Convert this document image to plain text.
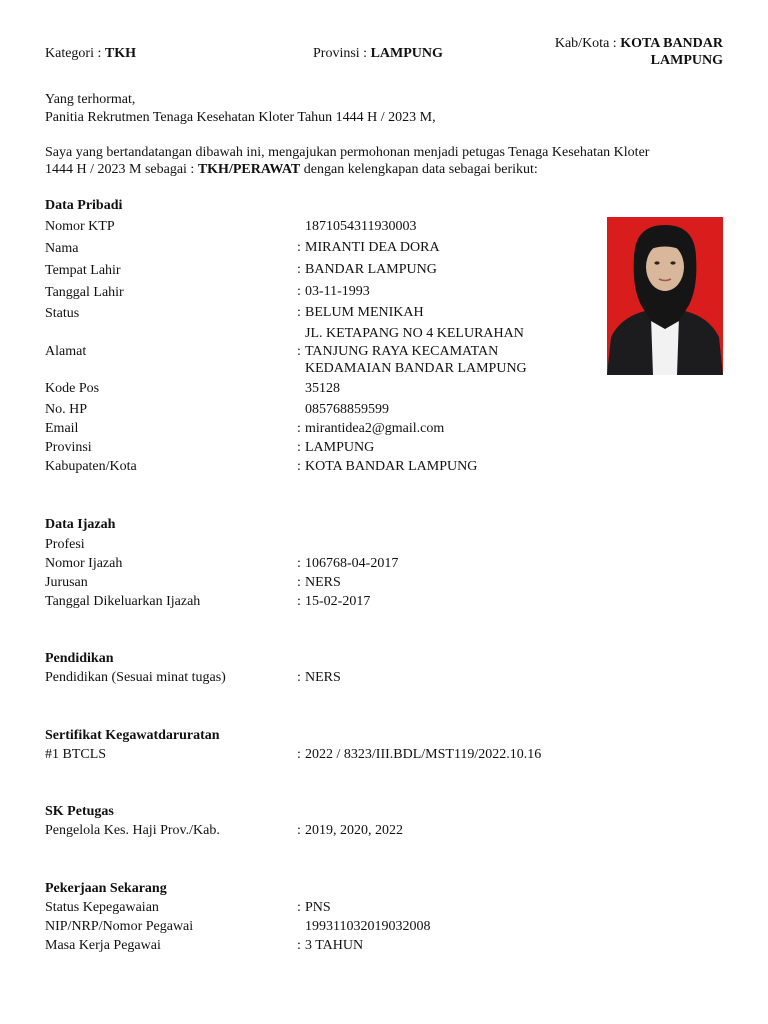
Kategori : TKH	Provinsi : LAMPUNG
Kab/Kota : KOTA BANDAR
LAMPUNG
Yang terhormat,
Panitia Rekrutmen Tenaga Kesehatan Kloter Tahun 1444 H / 2023 M,
Saya yang bertandatangan dibawah ini, mengajukan permohonan menjadi petugas Tenaga Kesehatan Kloter
1444 H / 2023 M sebagai : TKH/PERAWAT dengan kelengkapan data sebagai berikut:
Data Pribadi
Nomor KTP	1871054311930003
Nama	: MIRANTI DEA DORA
Tempat Lahir	: BANDAR LAMPUNG
Tanggal Lahir	: 03-11-1993
Status	: BELUM MENIKAH
JL. KETAPANG NO 4 KELURAHAN
Alamat	: TANJUNG RAYA KECAMATAN
KEDAMAIAN BANDAR LAMPUNG
Kode Pos	35128
No. HP	085768859599
Email	: mirantidea2@gmail.com
Provinsi	: LAMPUNG
Kabupaten/Kota	: KOTA BANDAR LAMPUNG
Data Ijazah
Profesi
Nomor Ijazah	: 106768-04-2017
Jurusan	: NERS
Tanggal Dikeluarkan Ijazah	: 15-02-2017
Pendidikan
Pendidikan (Sesuai minat tugas)	: NERS
Sertifikat Kegawatdaruratan
#1 BTCLS	: 2022 / 8323/III.BDL/MST119/2022.10.16
SK Petugas
Pengelola Kes. Haji Prov./Kab.	: 2019, 2020, 2022
Pekerjaan Sekarang
Status Kepegawaian	: PNS
NIP/NRP/Nomor Pegawai	199311032019032008
Masa Kerja Pegawai	: 3 TAHUN
